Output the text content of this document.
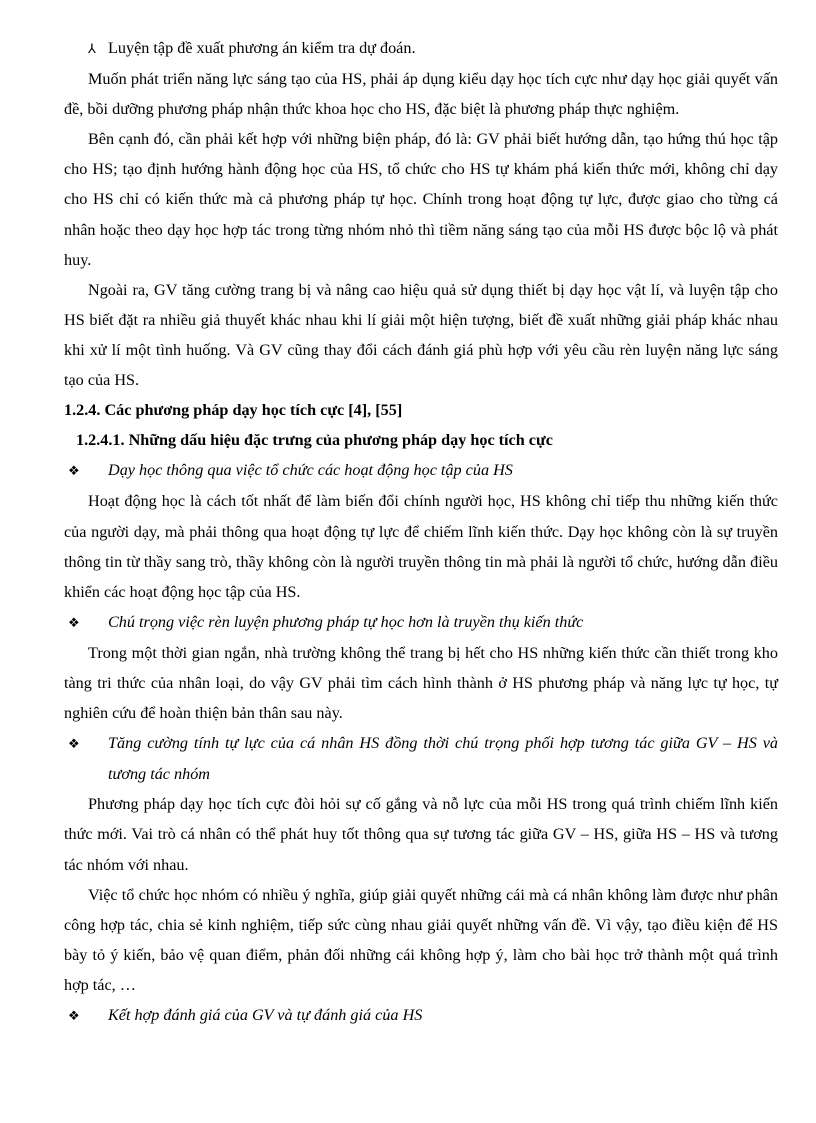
⅄ Luyện tập đề xuất phương án kiểm tra dự đoán.

Muốn phát triển năng lực sáng tạo của HS, phải áp dụng kiểu dạy học tích cực như dạy học giải quyết vấn đề, bồi dưỡng phương pháp nhận thức khoa học cho HS, đặc biệt là phương pháp thực nghiệm.

Bên cạnh đó, cần phải kết hợp với những biện pháp, đó là: GV phải biết hướng dẫn, tạo hứng thú học tập cho HS; tạo định hướng hành động học của HS, tổ chức cho HS tự khám phá kiến thức mới, không chỉ dạy cho HS chỉ có kiến thức mà cả phương pháp tự học. Chính trong hoạt động tự lực, được giao cho từng cá nhân hoặc theo dạy học hợp tác trong từng nhóm nhỏ thì tiềm năng sáng tạo của mỗi HS được bộc lộ và phát huy.

Ngoài ra, GV tăng cường trang bị và nâng cao hiệu quả sử dụng thiết bị dạy học vật lí, và luyện tập cho HS biết đặt ra nhiều giả thuyết khác nhau khi lí giải một hiện tượng, biết đề xuất những giải pháp khác nhau khi xử lí một tình huống. Và GV cũng thay đổi cách đánh giá phù hợp với yêu cầu rèn luyện năng lực sáng tạo của HS.

1.2.4. Các phương pháp dạy học tích cực [4], [55]
1.2.4.1. Những dấu hiệu đặc trưng của phương pháp dạy học tích cực
❖ Dạy học thông qua việc tổ chức các hoạt động học tập của HS

Hoạt động học là cách tốt nhất để làm biến đổi chính người học, HS không chỉ tiếp thu những kiến thức của người dạy, mà phải thông qua hoạt động tự lực để chiếm lĩnh kiến thức. Dạy học không còn là sự truyền thông tin từ thầy sang trò, thầy không còn là người truyền thông tin mà phải là người tổ chức, hướng dẫn điều khiển các hoạt động học tập của HS.

❖ Chú trọng việc rèn luyện phương pháp tự học hơn là truyền thụ kiến thức

Trong một thời gian ngắn, nhà trường không thể trang bị hết cho HS những kiến thức cần thiết trong kho tàng tri thức của nhân loại, do vậy GV phải tìm cách hình thành ở HS phương pháp và năng lực tự học, tự nghiên cứu để hoàn thiện bản thân sau này.

❖ Tăng cường tính tự lực của cá nhân HS đồng thời chú trọng phối hợp tương tác giữa GV – HS và tương tác nhóm

Phương pháp dạy học tích cực đòi hỏi sự cố gắng và nỗ lực của mỗi HS trong quá trình chiếm lĩnh kiến thức mới. Vai trò cá nhân có thể phát huy tốt thông qua sự tương tác giữa GV – HS, giữa HS – HS và tương tác nhóm với nhau.

Việc tổ chức học nhóm có nhiều ý nghĩa, giúp giải quyết những cái mà cá nhân không làm được như phân công hợp tác, chia sẻ kinh nghiệm, tiếp sức cùng nhau giải quyết những vấn đề. Vì vậy, tạo điều kiện để HS bày tỏ ý kiến, bảo vệ quan điểm, phản đối những cái không hợp ý, làm cho bài học trở thành một quá trình hợp tác, …

❖ Kết hợp đánh giá của GV và tự đánh giá của HS
